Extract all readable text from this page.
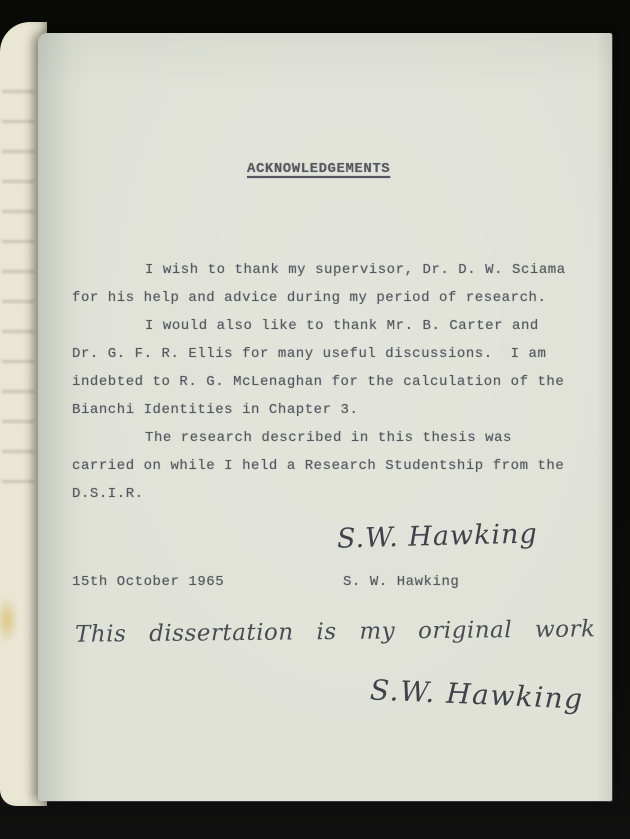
ACKNOWLEDGEMENTS
I wish to thank my supervisor, Dr. D. W. Sciama
for his help and advice during my period of research.
I would also like to thank Mr. B. Carter and
Dr. G. F. R. Ellis for many useful discussions.  I am
indebted to R. G. McLenaghan for the calculation of the
Bianchi Identities in Chapter 3.
The research described in this thesis was
carried on while I held a Research Studentship from the
D.S.I.R.
S.W. Hawking
15th October 1965	S. W. Hawking
This dissertation is my original work
S.W. Hawking
